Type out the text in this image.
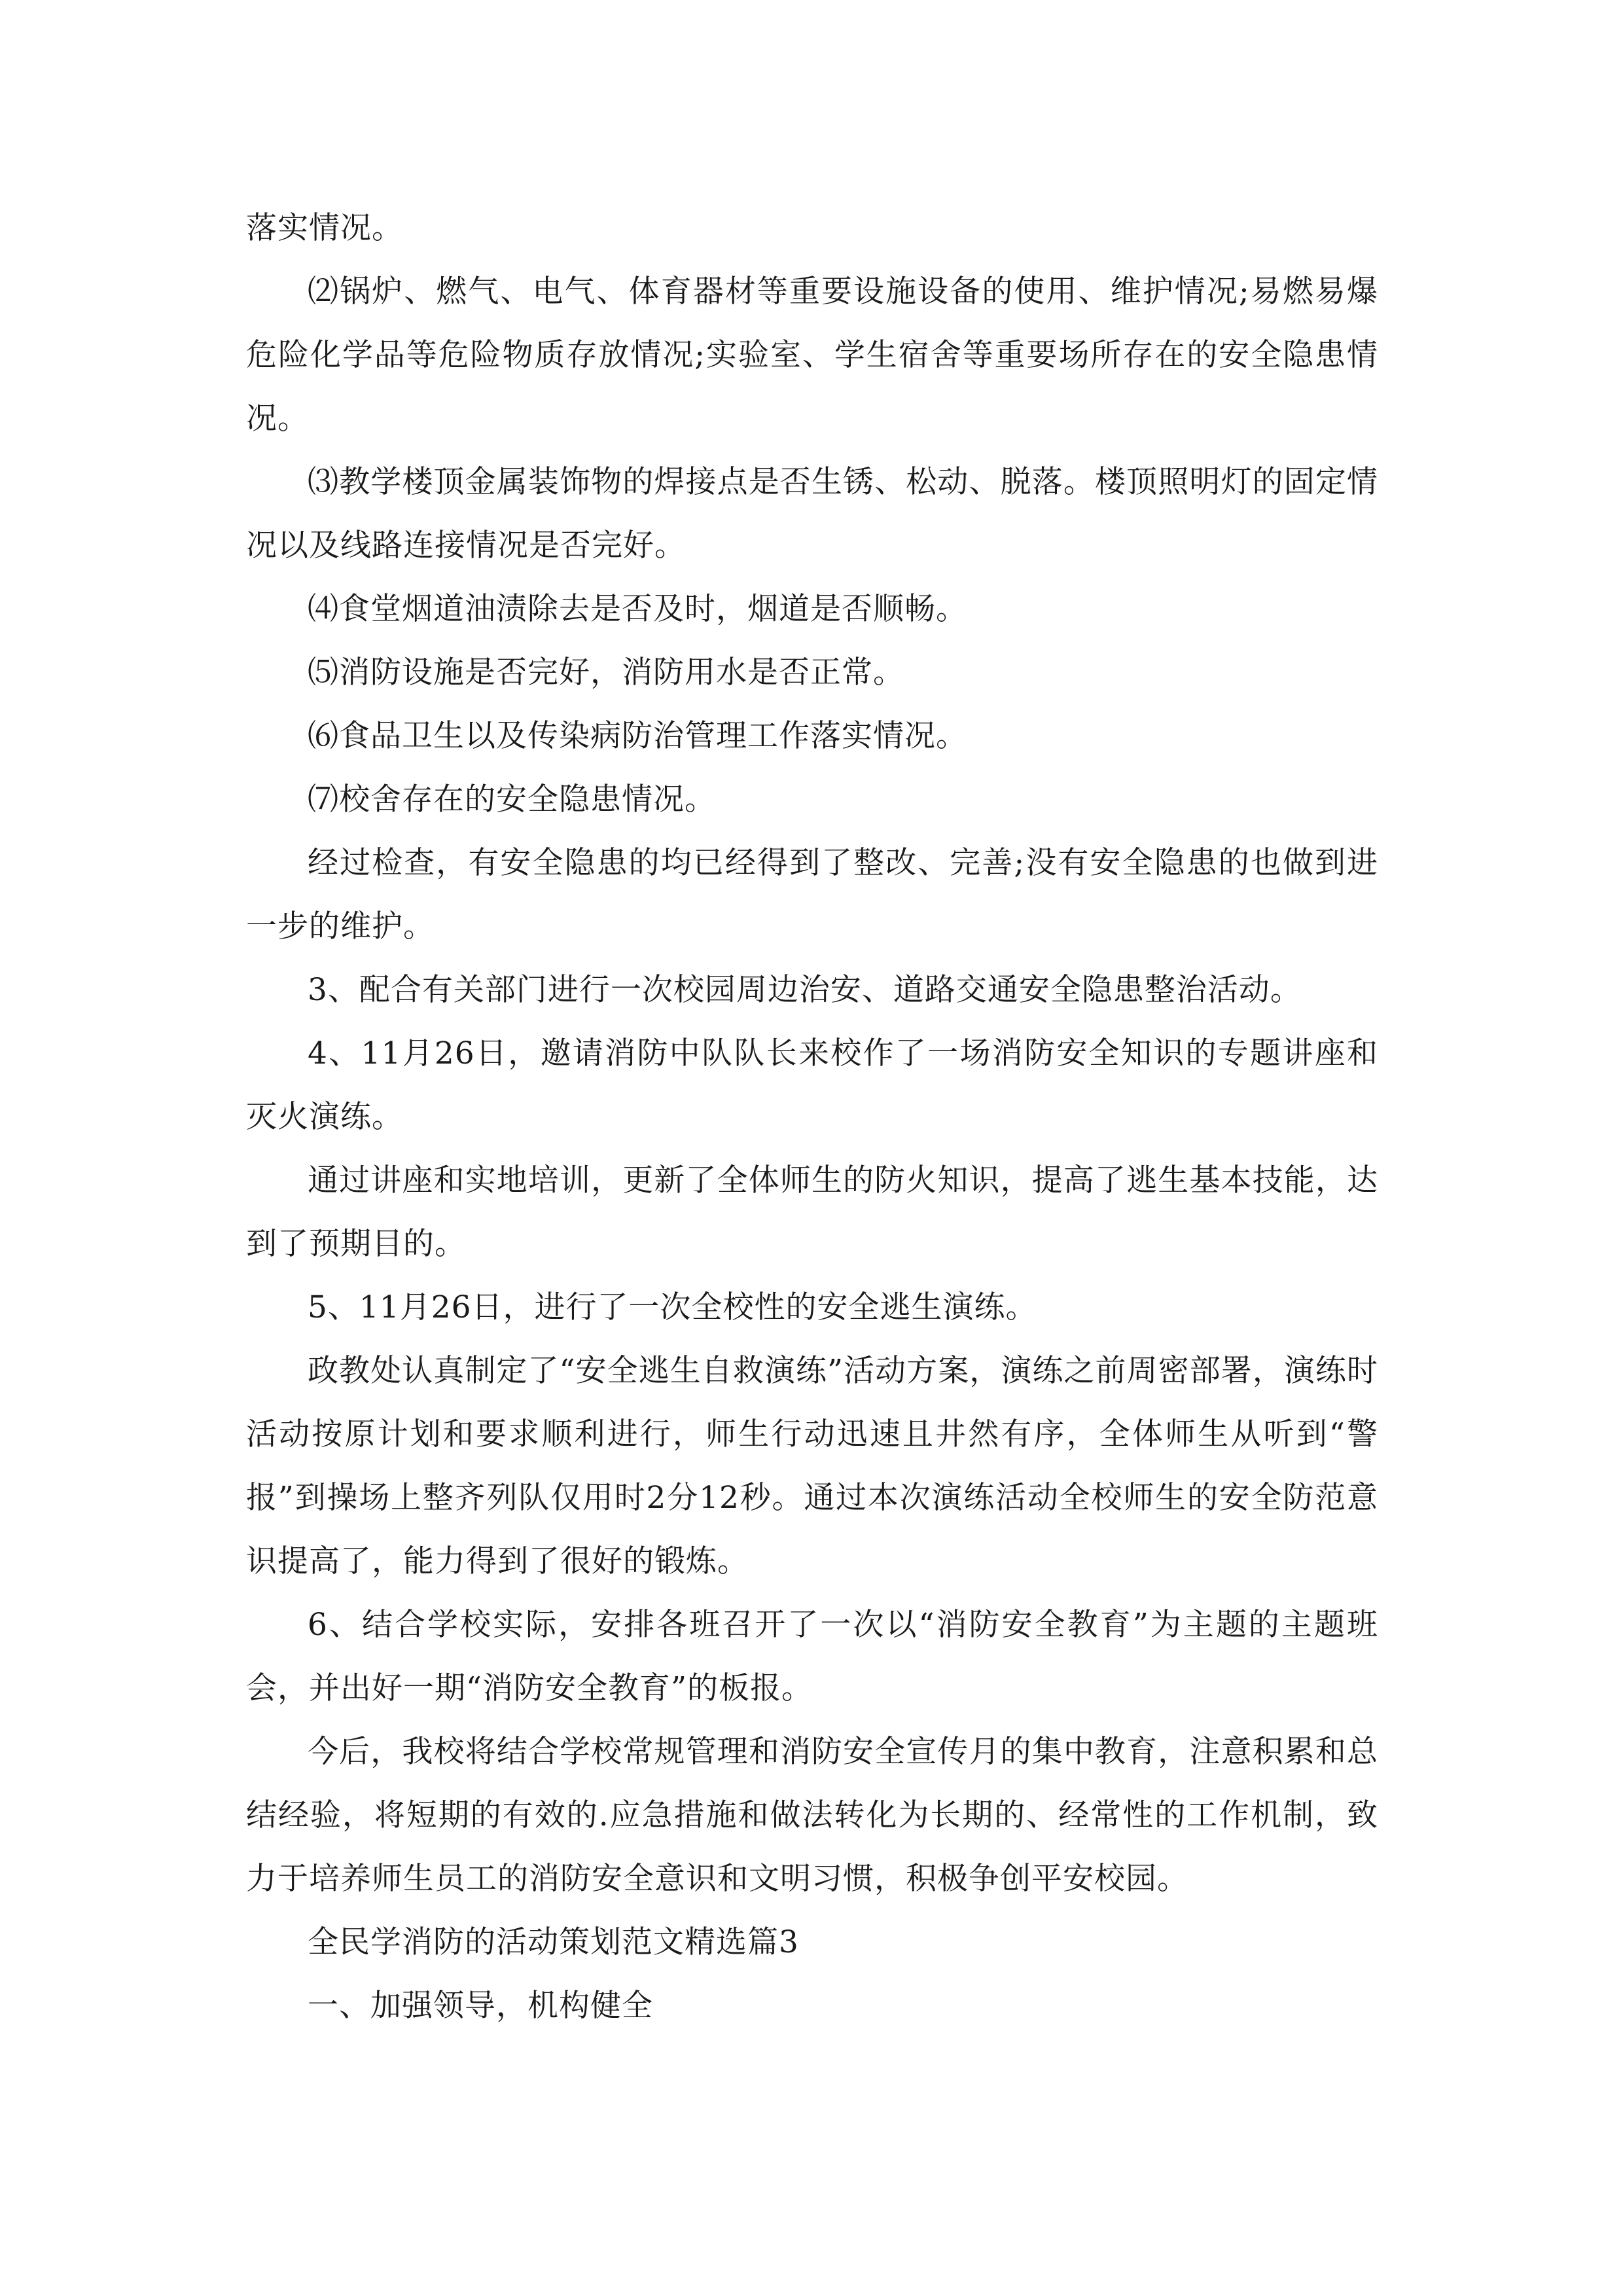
落实情况。

⑵锅炉、燃气、电气、体育器材等重要设施设备的使用、维护情况;易燃易爆危险化学品等危险物质存放情况;实验室、学生宿舍等重要场所存在的安全隐患情况。

⑶教学楼顶金属装饰物的焊接点是否生锈、松动、脱落。楼顶照明灯的固定情况以及线路连接情况是否完好。

⑷食堂烟道油渍除去是否及时，烟道是否顺畅。

⑸消防设施是否完好，消防用水是否正常。

⑹食品卫生以及传染病防治管理工作落实情况。

⑺校舍存在的安全隐患情况。

经过检查，有安全隐患的均已经得到了整改、完善;没有安全隐患的也做到进一步的维护。

3、配合有关部门进行一次校园周边治安、道路交通安全隐患整治活动。

4、11月26日，邀请消防中队队长来校作了一场消防安全知识的专题讲座和灭火演练。

通过讲座和实地培训，更新了全体师生的防火知识，提高了逃生基本技能，达到了预期目的。

5、11月26日，进行了一次全校性的安全逃生演练。

政教处认真制定了“安全逃生自救演练”活动方案，演练之前周密部署，演练时活动按原计划和要求顺利进行，师生行动迅速且井然有序，全体师生从听到“警报”到操场上整齐列队仅用时2分12秒。通过本次演练活动全校师生的安全防范意识提高了，能力得到了很好的锻炼。

6、结合学校实际，安排各班召开了一次以“消防安全教育”为主题的主题班会，并出好一期“消防安全教育”的板报。

今后，我校将结合学校常规管理和消防安全宣传月的集中教育，注意积累和总结经验，将短期的有效的.应急措施和做法转化为长期的、经常性的工作机制，致力于培养师生员工的消防安全意识和文明习惯，积极争创平安校园。

全民学消防的活动策划范文精选篇3

一、加强领导，机构健全
